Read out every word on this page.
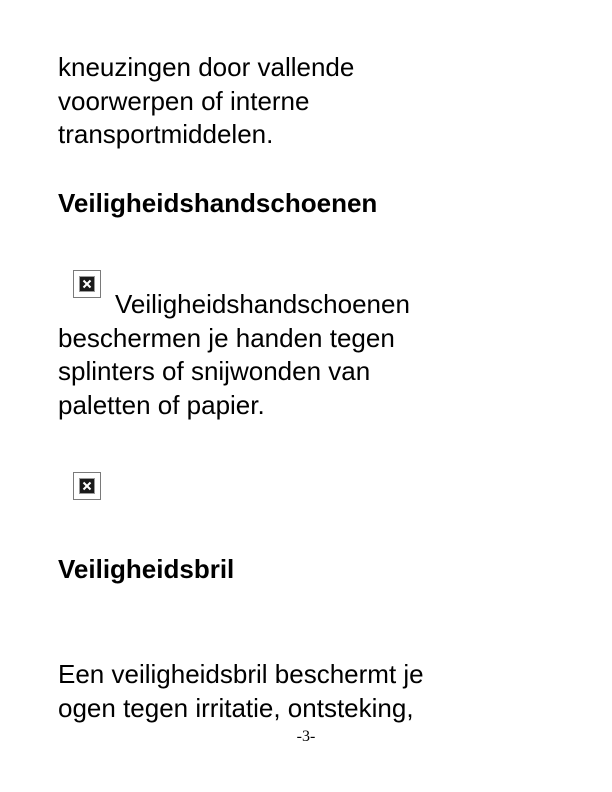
kneuzingen door vallende
voorwerpen of interne
transportmiddelen.
Veiligheidshandschoenen
Veiligheidshandschoenen
beschermen je handen tegen
splinters of snijwonden van
paletten of papier.
Veiligheidsbril
Een veiligheidsbril beschermt je
ogen tegen irritatie, ontsteking,
-3-
